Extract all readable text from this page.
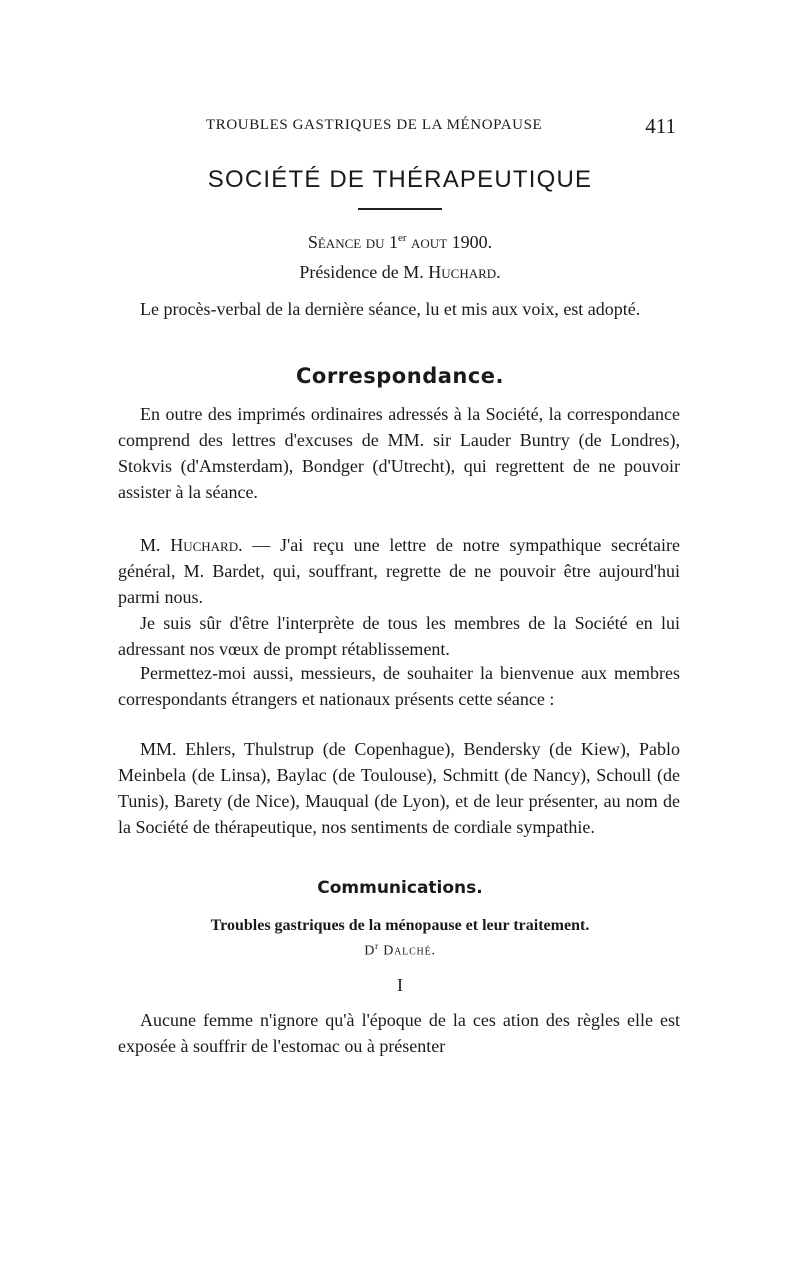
TROUBLES GASTRIQUES DE LA MÉNOPAUSE	411
SOCIÉTÉ DE THÉRAPEUTIQUE
Séance du 1er aout 1900.
Présidence de M. Huchard.
Le procès-verbal de la dernière séance, lu et mis aux voix, est adopté.
Correspondance.
En outre des imprimés ordinaires adressés à la Société, la correspondance comprend des lettres d'excuses de MM. sir Lauder Buntry (de Londres), Stokvis (d'Amsterdam), Bondger (d'Utrecht), qui regrettent de ne pouvoir assister à la séance.
M. Huchard. — J'ai reçu une lettre de notre sympathique secrétaire général, M. Bardet, qui, souffrant, regrette de ne pouvoir être aujourd'hui parmi nous.
Je suis sûr d'être l'interprète de tous les membres de la Société en lui adressant nos vœux de prompt rétablissement.
Permettez-moi aussi, messieurs, de souhaiter la bienvenue aux membres correspondants étrangers et nationaux présents cette séance :
MM. Ehlers, Thulstrup (de Copenhague), Bendersky (de Kiew), Pablo Meinbela (de Linsa), Baylac (de Toulouse), Schmitt (de Nancy), Schoull (de Tunis), Barety (de Nice), Mauqual (de Lyon), et de leur présenter, au nom de la Société de thérapeutique, nos sentiments de cordiale sympathie.
Communications.
Troubles gastriques de la ménopause et leur traitement.
$D^r$ Dalché.
I
Aucune femme n'ignore qu'à l'époque de la ces ation des règles elle est exposée à souffrir de l'estomac ou à présenter
